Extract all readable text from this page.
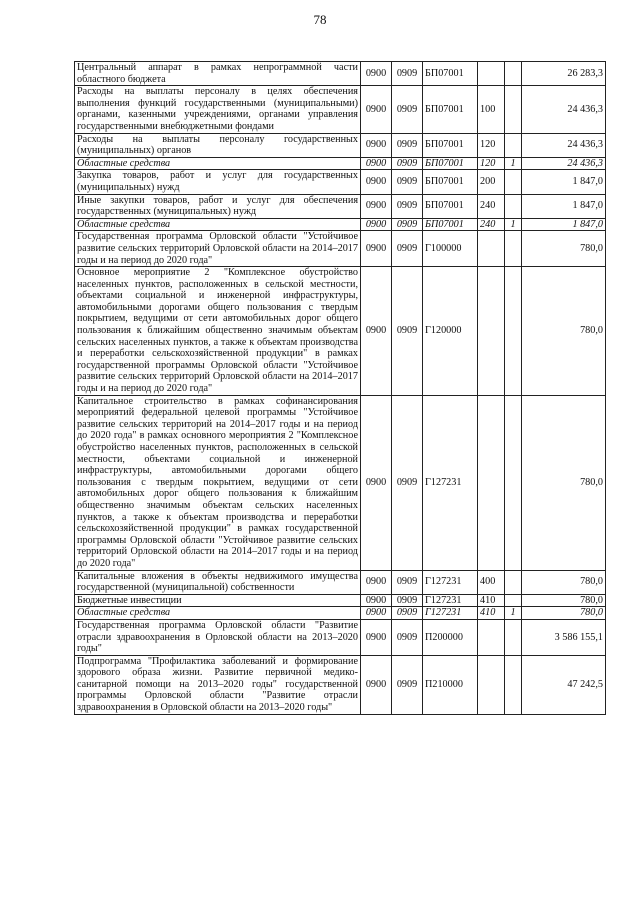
78
Центральный аппарат в рамках непрограммной части областного бюджета	0900	0909	БП07001			26 283,3
Расходы на выплаты персоналу в целях обеспечения выполнения функций государственными (муниципальными) органами, казенными учреждениями, органами управления государственными внебюджетными фондами	0900	0909	БП07001	100		24 436,3
Расходы на выплаты персоналу государственных (муниципальных) органов	0900	0909	БП07001	120		24 436,3
Областные средства	0900	0909	БП07001	120	1	24 436,3
Закупка товаров, работ и услуг для государственных (муниципальных) нужд	0900	0909	БП07001	200		1 847,0
Иные закупки товаров, работ и услуг для обеспечения государственных (муниципальных) нужд	0900	0909	БП07001	240		1 847,0
Областные средства	0900	0909	БП07001	240	1	1 847,0
Государственная программа Орловской области "Устойчивое развитие сельских территорий Орловской области на 2014–2017 годы и на период до 2020 года"	0900	0909	Г100000			780,0
Основное мероприятие 2 "Комплексное обустройство населенных пунктов, расположенных в сельской местности, объектами социальной и инженерной инфраструктуры, автомобильными дорогами общего пользования с твердым покрытием, ведущими от сети автомобильных дорог общего пользования к ближайшим общественно значимым объектам сельских населенных пунктов, а также к объектам производства и переработки сельскохозяйственной продукции" в рамках государственной программы Орловской области "Устойчивое развитие сельских территорий Орловской области на 2014–2017 годы и на период до 2020 года"	0900	0909	Г120000			780,0
Капитальное строительство в рамках софинансирования мероприятий федеральной целевой программы "Устойчивое развитие сельских территорий на 2014–2017 годы и на период до 2020 года" в рамках основного мероприятия 2 "Комплексное обустройство населенных пунктов, расположенных в сельской местности, объектами социальной и инженерной инфраструктуры, автомобильными дорогами общего пользования с твердым покрытием, ведущими от сети автомобильных дорог общего пользования к ближайшим общественно значимым объектам сельских населенных пунктов, а также к объектам производства и переработки сельскохозяйственной продукции" в рамках государственной программы Орловской области "Устойчивое развитие сельских территорий Орловской области на 2014–2017 годы и на период до 2020 года"	0900	0909	Г127231			780,0
Капитальные вложения в объекты недвижимого имущества государственной (муниципальной) собственности	0900	0909	Г127231	400		780,0
Бюджетные инвестиции	0900	0909	Г127231	410		780,0
Областные средства	0900	0909	Г127231	410	1	780,0
Государственная программа Орловской области "Развитие отрасли здравоохранения в Орловской области на 2013–2020 годы"	0900	0909	П200000			3 586 155,1
Подпрограмма "Профилактика заболеваний и формирование здорового образа жизни. Развитие первичной медико-санитарной помощи на 2013–2020 годы" государственной программы Орловской области "Развитие отрасли здравоохранения в Орловской области на 2013–2020 годы"	0900	0909	П210000			47 242,5
